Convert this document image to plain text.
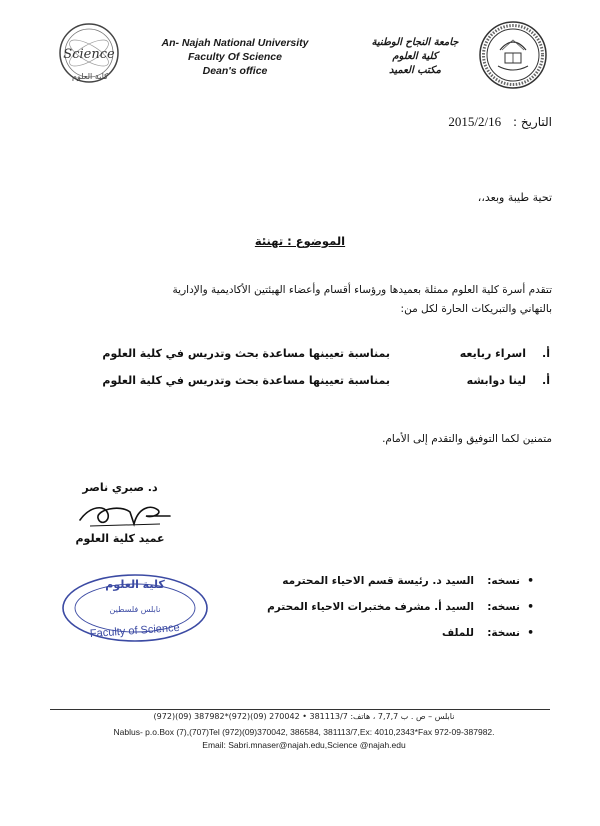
Science
كلية العلوم
An- Najah National University
Faculty Of Science
Dean's office
جامعة النجاح الوطنية
كلية العلوم
مكتب العميد
التاريخ : 2015/2/16
تحية طيبة وبعد،،
الموضوع : تهنئة
تتقدم أسرة كلية العلوم ممثلة بعميدها ورؤساء أقسام وأعضاء الهيئتين الأكاديمية والإدارية
بالتهاني والتبريكات الحارة لكل من:
أ.
اسراء ربايعه
بمناسبة تعيينها مساعدة بحث وتدريس في كلية العلوم
أ.
لينا دوابشه
بمناسبة تعيينها مساعدة بحث وتدريس في كلية العلوم
متمنين لكما التوفيق والتقدم إلى الأمام.
د. صبري ناصر
عميد كلية العلوم
كلية العلوم
نابلس فلسطين
Faculty of Science
•
نسخه:
السيد د. رئيسة قسم الاحياء المحترمه
•
نسخه:
السيد أ. مشرف مختبرات الاحياء المحترم
•
نسخة:
للملف
نابلس – ص . ب 7,7,7 ، هاتف: 381113/7 • 270042 (09)(972)*387982 (09)(972)
Nablus- p.o.Box (7),(707)Tel (972)(09)370042, 386584, 381113/7,Ex: 4010,2343*Fax 972-09-387982.
Email: Sabri.mnaser@najah.edu,Science @najah.edu
